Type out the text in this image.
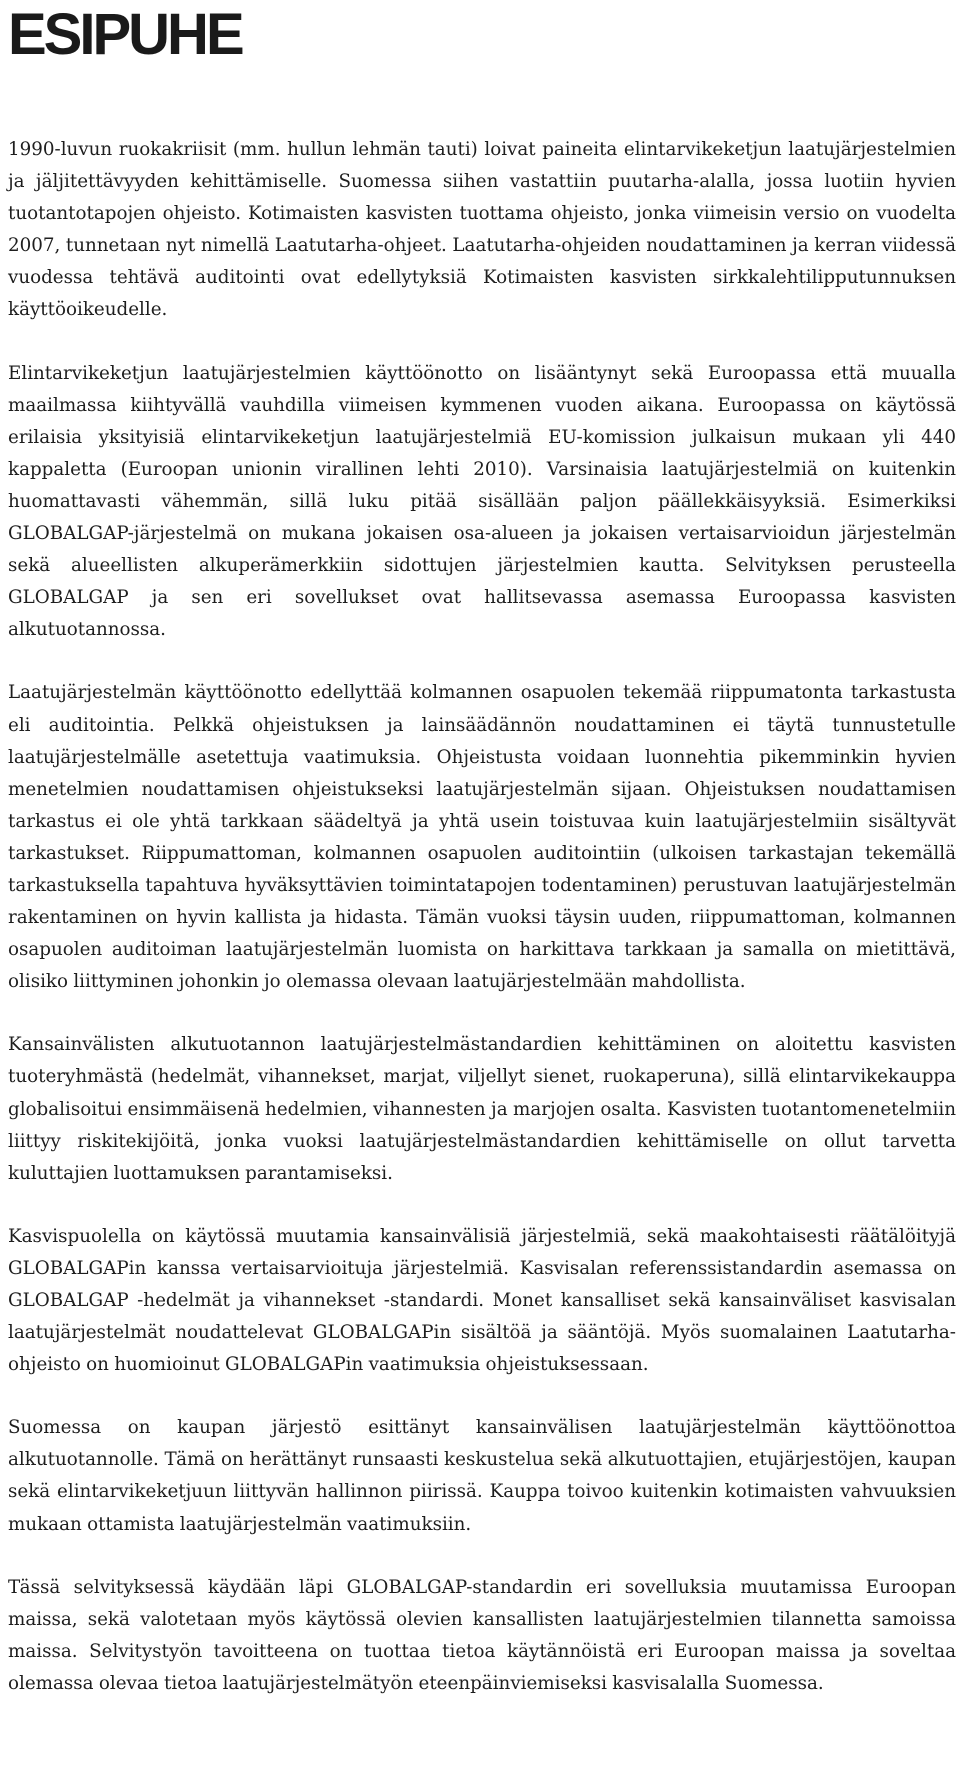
ESIPUHE

1990-luvun ruokakriisit (mm. hullun lehmän tauti) loivat paineita elintarvikeketjun laatujärjestelmien ja jäljitettävyyden kehittämiselle. Suomessa siihen vastattiin puutarha-alalla, jossa luotiin hyvien tuotantotapojen ohjeisto. Kotimaisten kasvisten tuottama ohjeisto, jonka viimeisin versio on vuodelta 2007, tunnetaan nyt nimellä Laatutarha-ohjeet. Laatutarha-ohjeiden noudattaminen ja kerran viidessä vuodessa tehtävä auditointi ovat edellytyksiä Kotimaisten kasvisten sirkkalehtilipputunnuksen käyttöoikeudelle.

Elintarvikeketjun laatujärjestelmien käyttöönotto on lisääntynyt sekä Euroopassa että muualla maailmassa kiihtyvällä vauhdilla viimeisen kymmenen vuoden aikana. Euroopassa on käytössä erilaisia yksityisiä elintarvikeketjun laatujärjestelmiä EU-komission julkaisun mukaan yli 440 kappaletta (Euroopan unionin virallinen lehti 2010). Varsinaisia laatujärjestelmiä on kuitenkin huomattavasti vähemmän, sillä luku pitää sisällään paljon päällekkäisyyksiä. Esimerkiksi GLOBALGAP-järjestelmä on mukana jokaisen osa-alueen ja jokaisen vertaisarvioidun järjestelmän sekä alueellisten alkuperämerkkiin sidottujen järjestelmien kautta. Selvityksen perusteella GLOBALGAP ja sen eri sovellukset ovat hallitsevassa asemassa Euroopassa kasvisten alkutuotannossa.

Laatujärjestelmän käyttöönotto edellyttää kolmannen osapuolen tekemää riippumatonta tarkastusta eli auditointia. Pelkkä ohjeistuksen ja lainsäädännön noudattaminen ei täytä tunnustetulle laatujärjestelmälle asetettuja vaatimuksia. Ohjeistusta voidaan luonnehtia pikemminkin hyvien menetelmien noudattamisen ohjeistukseksi laatujärjestelmän sijaan. Ohjeistuksen noudattamisen tarkastus ei ole yhtä tarkkaan säädeltyä ja yhtä usein toistuvaa kuin laatujärjestelmiin sisältyvät tarkastukset. Riippumattoman, kolmannen osapuolen auditointiin (ulkoisen tarkastajan tekemällä tarkastuksella tapahtuva hyväksyttävien toimintatapojen todentaminen) perustuvan laatujärjestelmän rakentaminen on hyvin kallista ja hidasta. Tämän vuoksi täysin uuden, riippumattoman, kolmannen osapuolen auditoiman laatujärjestelmän luomista on harkittava tarkkaan ja samalla on mietittävä, olisiko liittyminen johonkin jo olemassa olevaan laatujärjestelmään mahdollista.

Kansainvälisten alkutuotannon laatujärjestelmästandardien kehittäminen on aloitettu kasvisten tuoteryhmästä (hedelmät, vihannekset, marjat, viljellyt sienet, ruokaperuna), sillä elintarvikekauppa globalisoitui ensimmäisenä hedelmien, vihannesten ja marjojen osalta. Kasvisten tuotantomenetelmiin liittyy riskitekijöitä, jonka vuoksi laatujärjestelmästandardien kehittämiselle on ollut tarvetta kuluttajien luottamuksen parantamiseksi.

Kasvispuolella on käytössä muutamia kansainvälisiä järjestelmiä, sekä maakohtaisesti räätälöityjä GLOBALGAPin kanssa vertaisarvioituja järjestelmiä. Kasvisalan referenssistandardin asemassa on GLOBALGAP -hedelmät ja vihannekset -standardi. Monet kansalliset sekä kansainväliset kasvisalan laatujärjestelmät noudattelevat GLOBALGAPin sisältöä ja sääntöjä. Myös suomalainen Laatutarha-ohjeisto on huomioinut GLOBALGAPin vaatimuksia ohjeistuksessaan.

Suomessa on kaupan järjestö esittänyt kansainvälisen laatujärjestelmän käyttöönottoa alkutuotannolle. Tämä on herättänyt runsaasti keskustelua sekä alkutuottajien, etujärjestöjen, kaupan sekä elintarvikeketjuun liittyvän hallinnon piirissä. Kauppa toivoo kuitenkin kotimaisten vahvuuksien mukaan ottamista laatujärjestelmän vaatimuksiin.

Tässä selvityksessä käydään läpi GLOBALGAP-standardin eri sovelluksia muutamissa Euroopan maissa, sekä valotetaan myös käytössä olevien kansallisten laatujärjestelmien tilannetta samoissa maissa. Selvitystyön tavoitteena on tuottaa tietoa käytännöistä eri Euroopan maissa ja soveltaa olemassa olevaa tietoa laatujärjestelmätyön eteenpäinviemiseksi kasvisalalla Suomessa.
